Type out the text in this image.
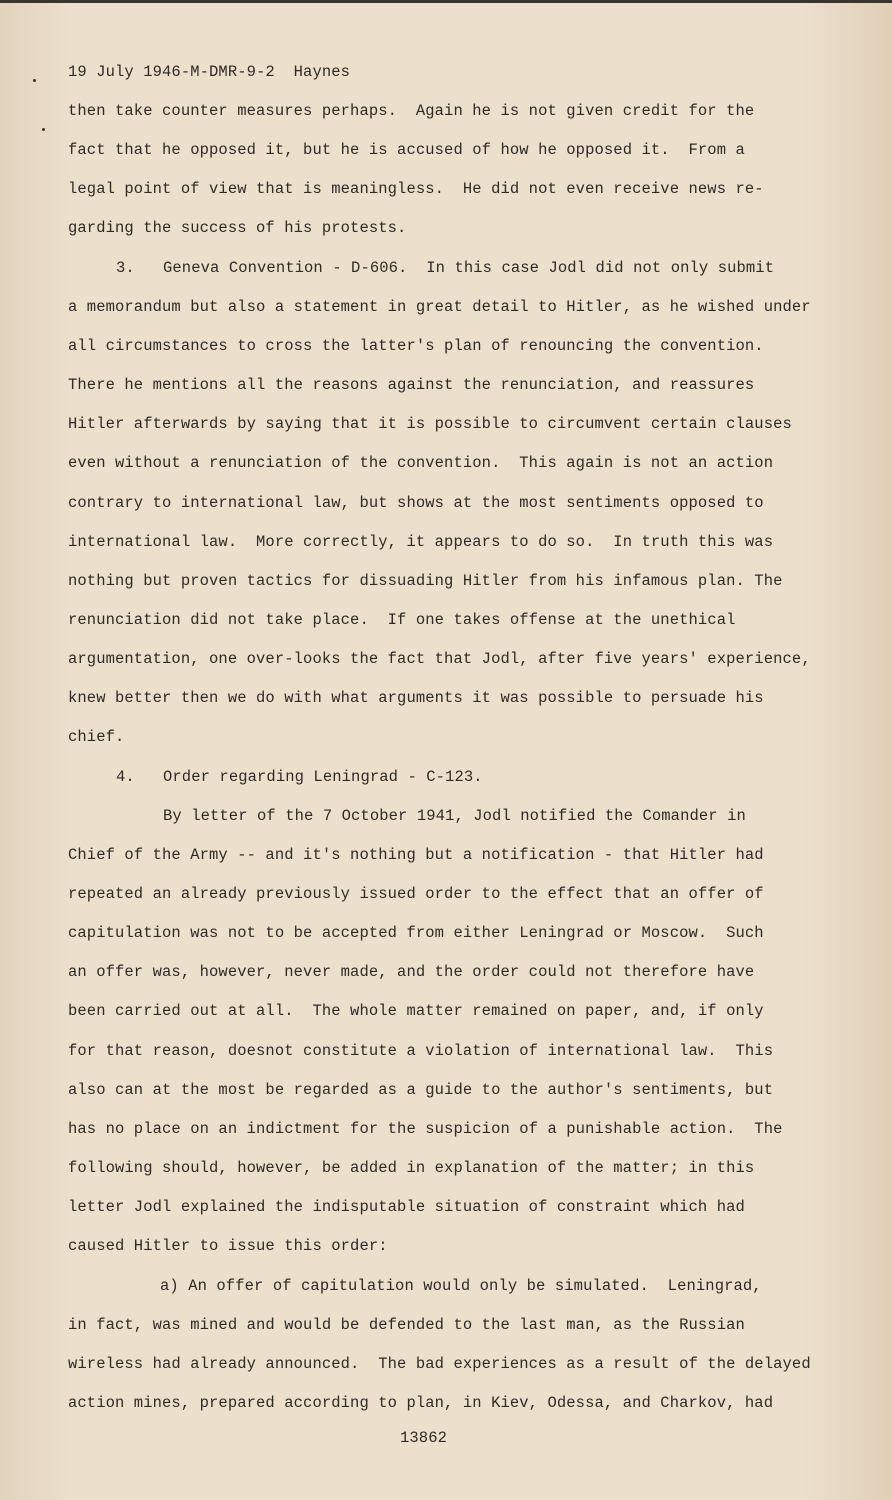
19 July 1946-M-DMR-9-2  Haynes
then take counter measures perhaps.  Again he is not given credit for the
fact that he opposed it, but he is accused of how he opposed it.  From a
legal point of view that is meaningless.  He did not even receive news re-
garding the success of his protests.
3.   Geneva Convention - D-606.  In this case Jodl did not only submit
a memorandum but also a statement in great detail to Hitler, as he wished under
all circumstances to cross the latter's plan of renouncing the convention.
There he mentions all the reasons against the renunciation, and reassures
Hitler afterwards by saying that it is possible to circumvent certain clauses
even without a renunciation of the convention.  This again is not an action
contrary to international law, but shows at the most sentiments opposed to
international law.  More correctly, it appears to do so.  In truth this was
nothing but proven tactics for dissuading Hitler from his infamous plan. The
renunciation did not take place.  If one takes offense at the unethical
argumentation, one over-looks the fact that Jodl, after five years' experience,
knew better then we do with what arguments it was possible to persuade his
chief.
4.   Order regarding Leningrad - C-123.
By letter of the 7 October 1941, Jodl notified the Comander in
Chief of the Army -- and it's nothing but a notification - that Hitler had
repeated an already previously issued order to the effect that an offer of
capitulation was not to be accepted from either Leningrad or Moscow.  Such
an offer was, however, never made, and the order could not therefore have
been carried out at all.  The whole matter remained on paper, and, if only
for that reason, doesnot constitute a violation of international law.  This
also can at the most be regarded as a guide to the author's sentiments, but
has no place on an indictment for the suspicion of a punishable action.  The
following should, however, be added in explanation of the matter; in this
letter Jodl explained the indisputable situation of constraint which had
caused Hitler to issue this order:
a) An offer of capitulation would only be simulated.  Leningrad,
in fact, was mined and would be defended to the last man, as the Russian
wireless had already announced.  The bad experiences as a result of the delayed
action mines, prepared according to plan, in Kiev, Odessa, and Charkov, had
13862
